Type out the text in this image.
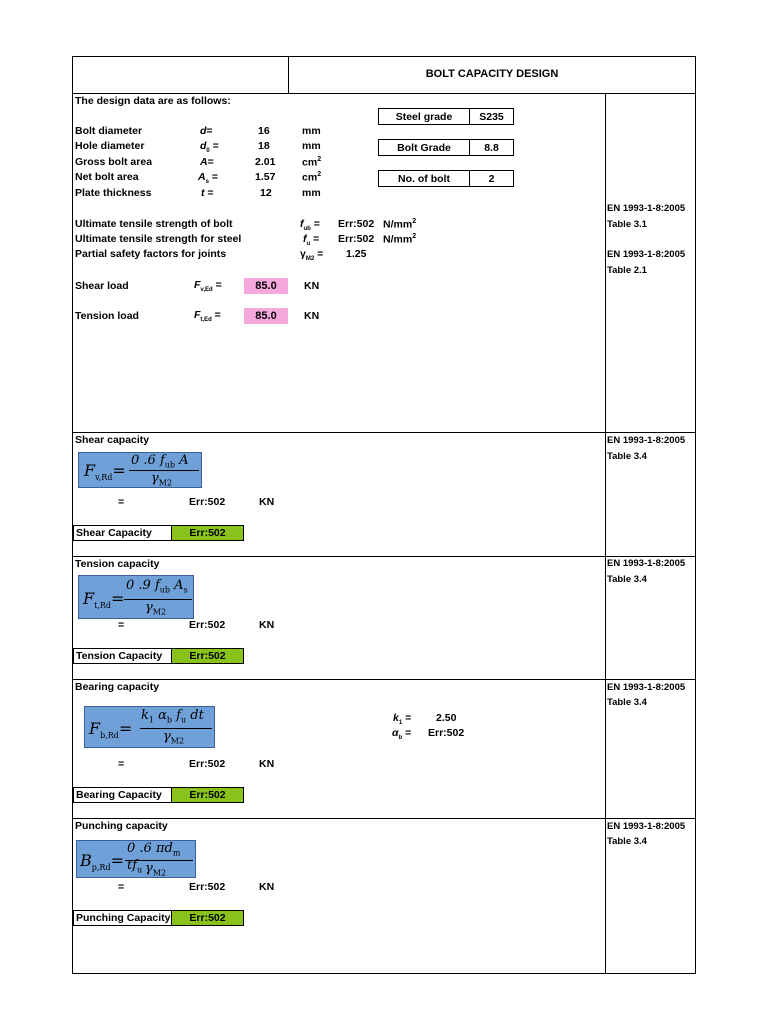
BOLT CAPACITY DESIGN
The design data are as follows:
Bolt diameter	d=	16	mm
Hole diameter	$d_0$ =	18	mm
Gross bolt area	A=	2.01	$cm^2$
Net bolt area	$A_s$ =	1.57	$cm^2$
Plate thickness	t =	12	mm
Steel grade	S235
Bolt Grade	8.8
No. of bolt	2
Ultimate tensile strength of bolt	$f_{ub}$ = Err:502 $N/mm^2$
Ultimate tensile strength for steel	$f_u$ = Err:502 $N/mm^2$
Partial safety factors for joints	$\gamma_{M2} = 1.25$
Shear load	$F_{v,Ed}$ =	85.0	KN
Tension load	$F_{t,Ed}$ =	85.0	KN
EN 1993-1-8:2005
Table 3.1
EN 1993-1-8:2005
Table 2.1
EN 1993-1-8:2005
Table 3.4
EN 1993-1-8:2005
Table 3.4
EN 1993-1-8:2005
Table 3.4
EN 1993-1-8:2005
Table 3.4
Shear capacity
$F_{v,Rd}=$
0 .6 $f_{ub}$ A
$\gamma_{M2}$
=	Err:502	KN
Shear Capacity	Err:502
Tension capacity
$F_{t,Rd}=$
0 .9 $f_{ub}$ $A_s$
$\gamma_{M2}$
=	Err:502	KN
Tension Capacity	Err:502
Bearing capacity
$F_{b,Rd}=$
$k_1$ $\alpha_b$ $f_u$ dt
$\gamma_{M2}$
$k_1 = 2.50$
$\alpha_b$ = Err:502
=	Err:502	KN
Bearing Capacity	Err:502
Punching capacity
$B_{p,Rd}=$
0 .6 $\pi d_m$ $tf_u$ $\gamma_{M2}$
=	Err:502	KN
Punching Capacity	Err:502
